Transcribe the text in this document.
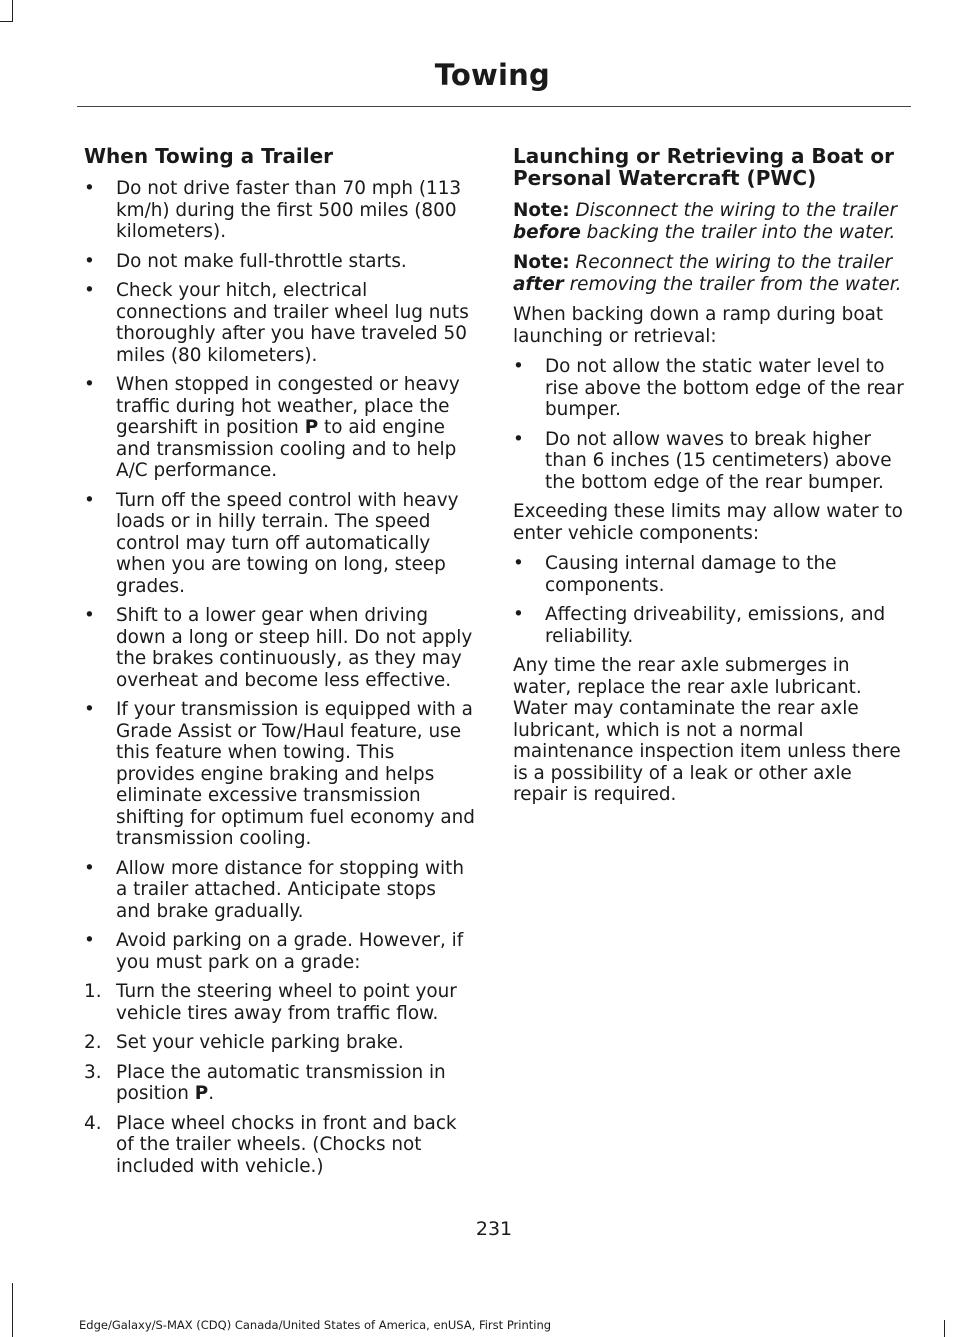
Towing
When Towing a Trailer
• Do not drive faster than 70 mph (113 km/h) during the first 500 miles (800 kilometers).
• Do not make full-throttle starts.
• Check your hitch, electrical connections and trailer wheel lug nuts thoroughly after you have traveled 50 miles (80 kilometers).
• When stopped in congested or heavy traffic during hot weather, place the gearshift in position P to aid engine and transmission cooling and to help A/C performance.
• Turn off the speed control with heavy loads or in hilly terrain. The speed control may turn off automatically when you are towing on long, steep grades.
• Shift to a lower gear when driving down a long or steep hill. Do not apply the brakes continuously, as they may overheat and become less effective.
• If your transmission is equipped with a Grade Assist or Tow/Haul feature, use this feature when towing. This provides engine braking and helps eliminate excessive transmission shifting for optimum fuel economy and transmission cooling.
• Allow more distance for stopping with a trailer attached. Anticipate stops and brake gradually.
• Avoid parking on a grade. However, if you must park on a grade:
1. Turn the steering wheel to point your vehicle tires away from traffic flow.
2. Set your vehicle parking brake.
3. Place the automatic transmission in position P.
4. Place wheel chocks in front and back of the trailer wheels. (Chocks not included with vehicle.)
Launching or Retrieving a Boat or Personal Watercraft (PWC)

Note: Disconnect the wiring to the trailer before backing the trailer into the water.

Note: Reconnect the wiring to the trailer after removing the trailer from the water.

When backing down a ramp during boat launching or retrieval:

• Do not allow the static water level to rise above the bottom edge of the rear bumper.
• Do not allow waves to break higher than 6 inches (15 centimeters) above the bottom edge of the rear bumper.

Exceeding these limits may allow water to enter vehicle components:

• Causing internal damage to the components.
• Affecting driveability, emissions, and reliability.

Any time the rear axle submerges in water, replace the rear axle lubricant. Water may contaminate the rear axle lubricant, which is not a normal maintenance inspection item unless there is a possibility of a leak or other axle repair is required.

231
Edge/Galaxy/S-MAX (CDQ) Canada/United States of America, enUSA, First Printing
